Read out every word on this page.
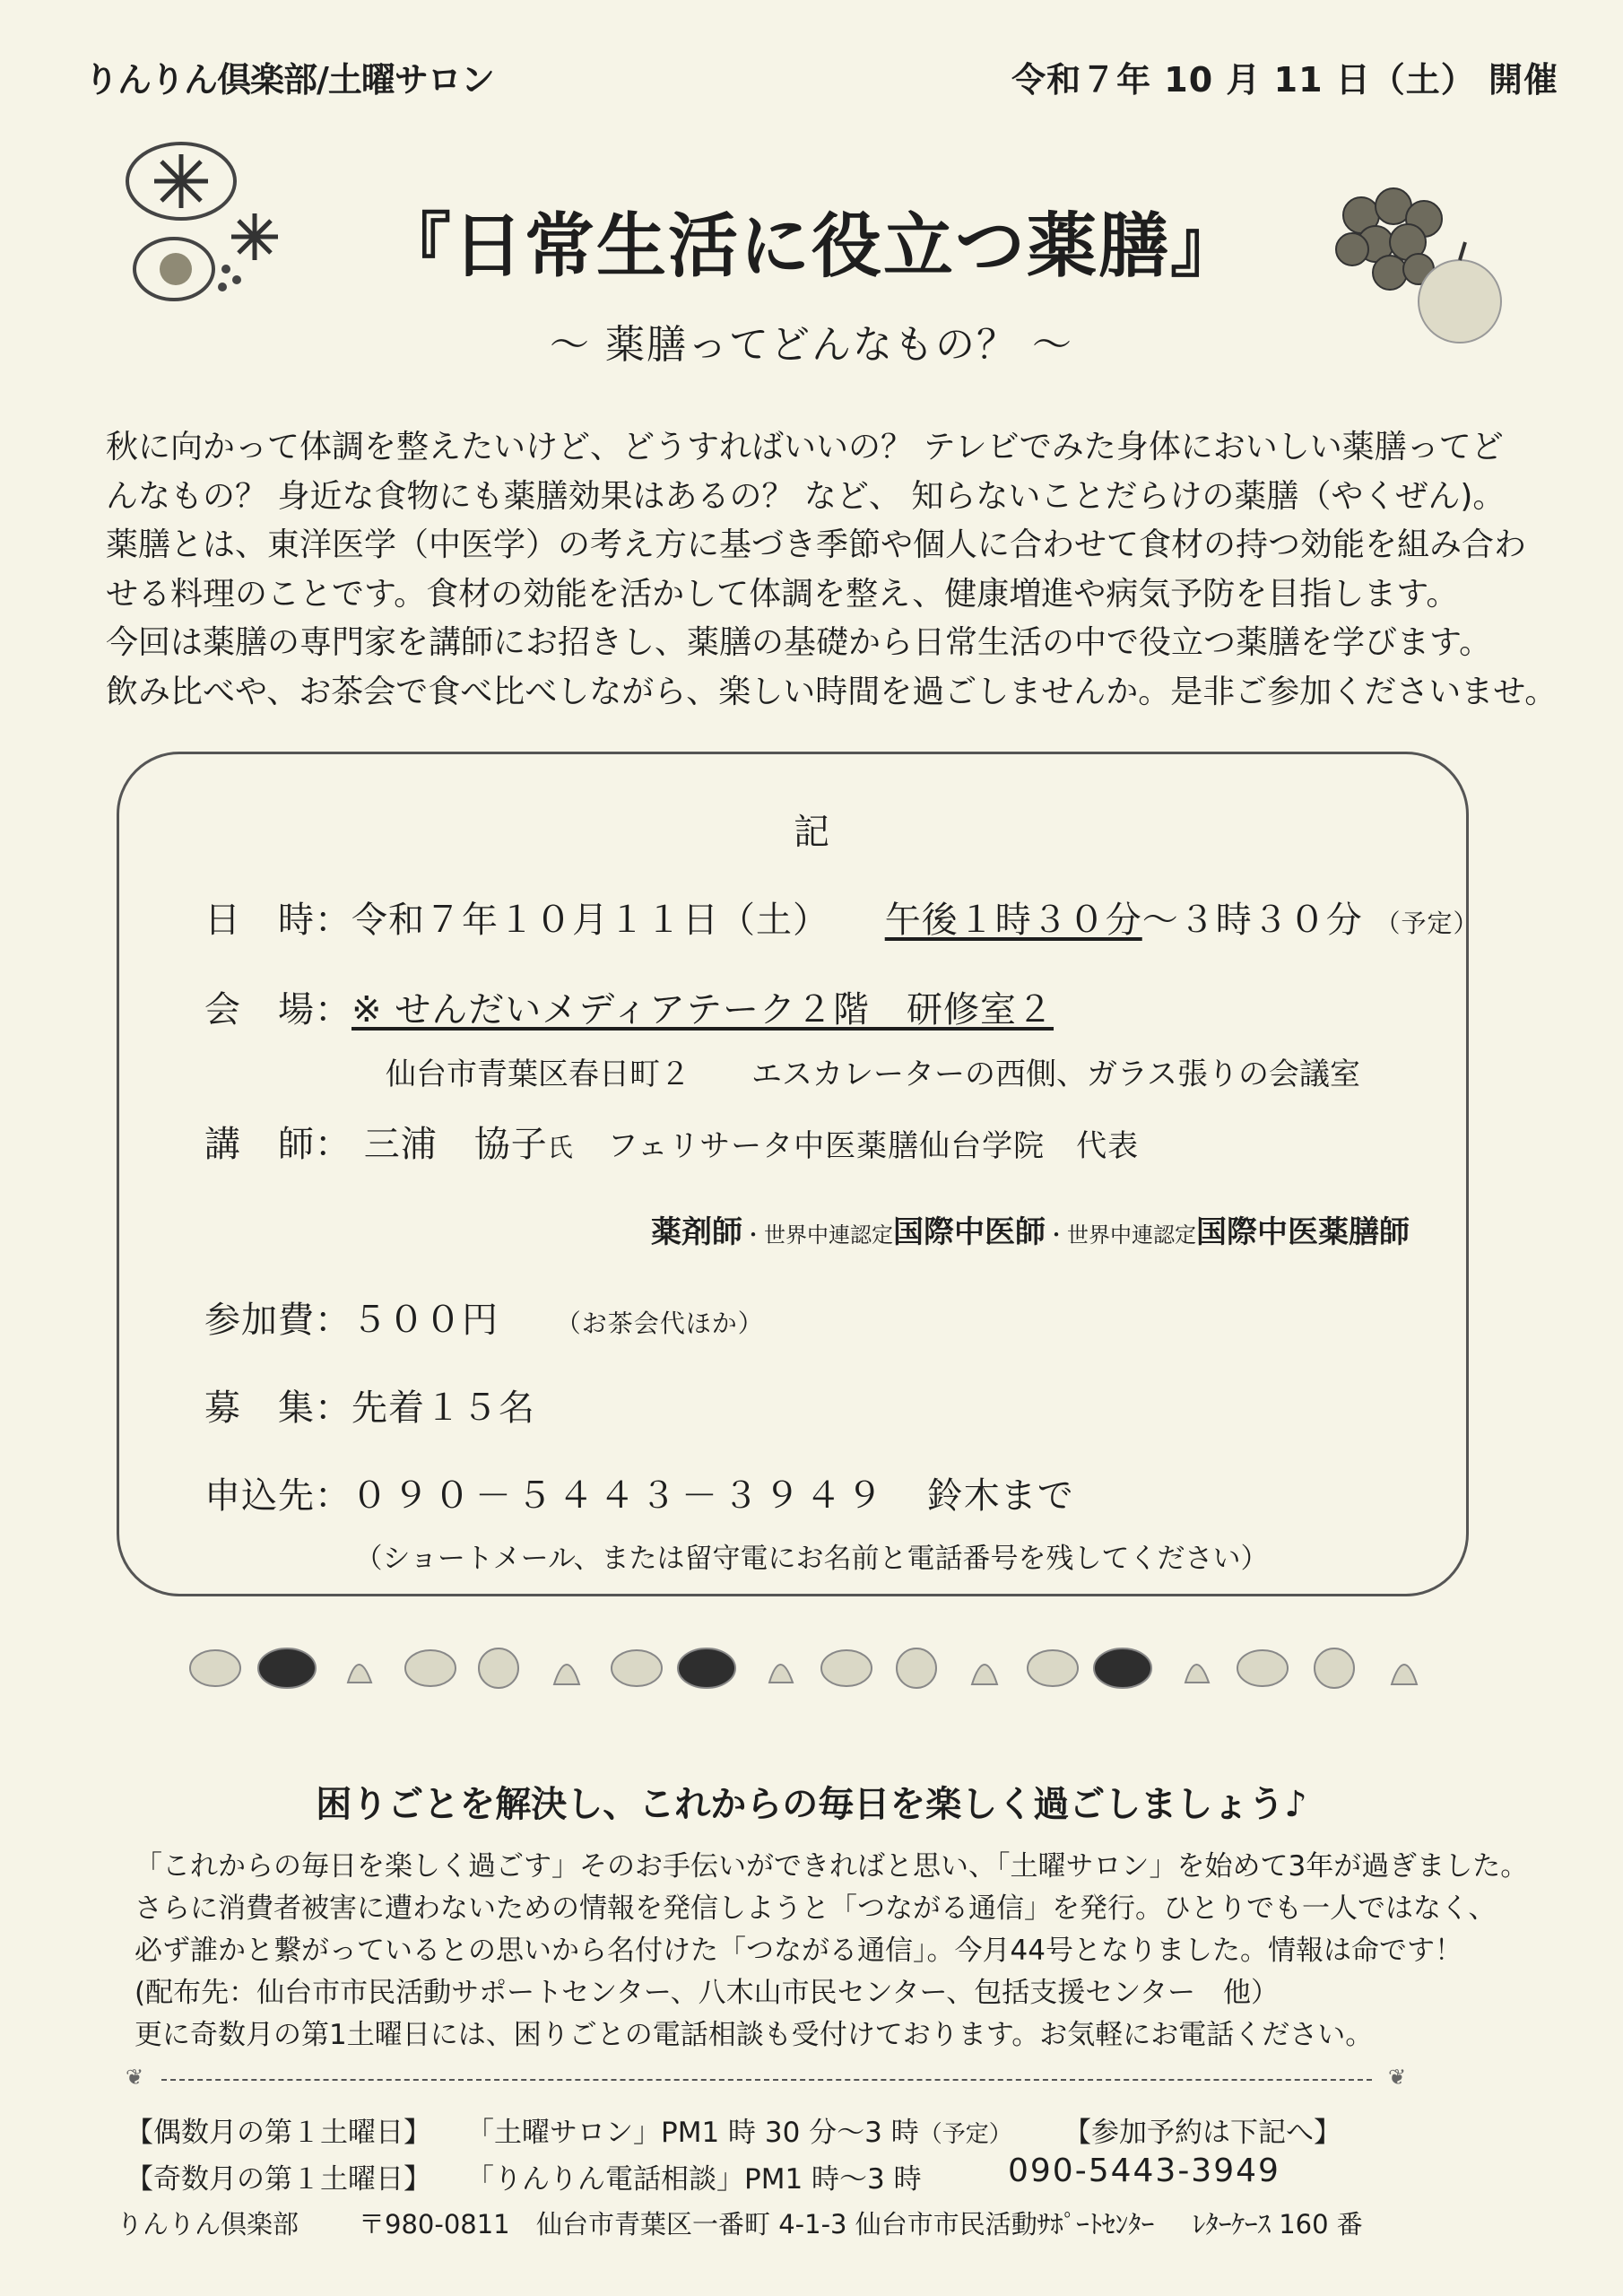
りんりん倶楽部/土曜サロン	令和７年 10 月 11 日（土） 開催
『日常生活に役立つ薬膳』
～ 薬膳ってどんなもの？ ～
秋に向かって体調を整えたいけど、どうすればいいの？ テレビでみた身体においしい薬膳ってど
んなもの？ 身近な食物にも薬膳効果はあるの？ など、 知らないことだらけの薬膳（やくぜん)。
薬膳とは、東洋医学（中医学）の考え方に基づき季節や個人に合わせて食材の持つ効能を組み合わ
せる料理のことです。食材の効能を活かして体調を整え、健康増進や病気予防を目指します。
今回は薬膳の専門家を講師にお招きし、薬膳の基礎から日常生活の中で役立つ薬膳を学びます。
飲み比べや、お茶会で食べ比べしながら、楽しい時間を過ごしませんか。是非ご参加くださいませ。
記
日　時：令和７年１０月１１日（土） 午後１時３０分～３時３０分 （予定）
会　場：※ せんだいメディアテーク２階　研修室２
仙台市青葉区春日町２　　エスカレーターの西側、ガラス張りの会議室
講　師： 三浦　協子氏 フェリサータ中医薬膳仙台学院　代表
薬剤師・世界中連認定国際中医師・世界中連認定国際中医薬膳師
参加費：５００円 （お茶会代ほか）
募　集：先着１５名
申込先：０９０－５４４３－３９４９ 鈴木まで
（ショートメール、または留守電にお名前と電話番号を残してください）
困りごとを解決し、これからの毎日を楽しく過ごしましょう♪
「これからの毎日を楽しく過ごす」そのお手伝いができればと思い、「土曜サロン」を始めて3年が過ぎました。
さらに消費者被害に遭わないための情報を発信しようと「つながる通信」を発行。ひとりでも一人ではなく、
必ず誰かと繋がっているとの思いから名付けた「つながる通信」。今月44号となりました。情報は命です！
(配布先：仙台市市民活動サポートセンター、八木山市民センター、包括支援センター　他）
更に奇数月の第1土曜日には、困りごとの電話相談も受付けております。お気軽にお電話ください。
❦	❦
【偶数月の第１土曜日】 「土曜サロン」PM1 時 30 分～3 時（予定） 【参加予約は下記へ】
【奇数月の第１土曜日】 「りんりん電話相談」PM1 時～3 時	090-5443-3949
りんりん倶楽部 〒980-0811 仙台市青葉区一番町 4-1-3 仙台市市民活動ｻﾎﾟｰﾄｾﾝﾀｰ ﾚﾀｰｹｰｽ 160 番
